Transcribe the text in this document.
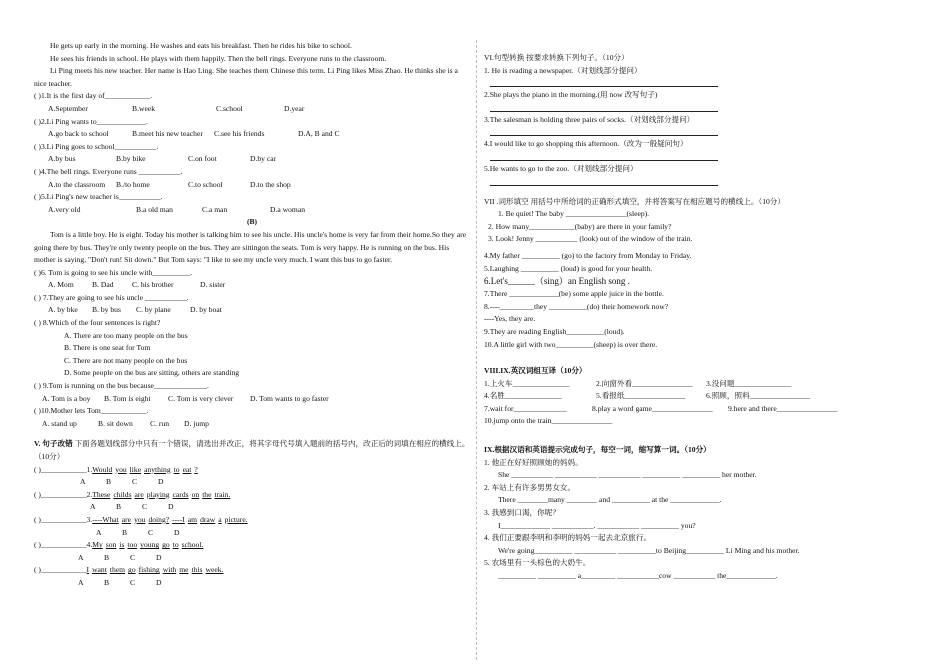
He gets up early in the morning. He washes and eats his breakfast. Then he rides his bike to school.
He sees his friends in school. He plays with them happily. Then the bell rings. Everyone runs to the classroom.
Li Ping meets his new teacher. Her name is Hao Ling. She teaches them Chinese this term. Li Ping likes Miss Zhao. He thinks she is a nice teacher.
( )1.It is the first day of____________.
A.September	B.week	C.school	D.year
( )2.Li Ping wants to_____________.
A.go back to school	B.meet his new teacher	C.see his friends	D.A, B and C
( )3.Li Ping goes to school___________.
A.by bus	B.by bike	C.on foot	D.by car
( )4.The bell rings. Everyone runs ___________.
A.to the classroom	B./to home	C.to school	D.to the shop
( )5.Li Ping's new teacher is___________.
A.very old	B.a old man	C.a man	D.a woman
(B)
Tom is a little boy. He is eight. Today his mother is talking him to see his uncle. His uncle's home is very far from their home.So they are going there by bus. They're only twenty people on the bus. They are sittingon the seats. Tom is very happy. He is running on the bus. His mother is saying, "Don't run! Sit down." But Tom says: "I like to see my uncle very much. I want this bus to go faster.
( )6. Tom is going to see his uncle with__________.
A. Mom	B. Dad	C. his brother	D. sister
( ) 7.They are going to see his uncle ___________.
A. by bke	B. by bus	C. by plane	D. by boat
( ) 8.Which of the four sentences is right?
A. There are too many people on the bus
B. There is one seat for Tom
C. There are not many people on the bus
D. Some people on the bus are sitting, others are standing
( ) 9.Tom is running on the bus because______________.
A. Tom is a boy	B. Tom is eight	C. Tom is very clever	D. Tom wants to go faster
( )10.Mother lets Tom____________.
A. stand up	B. sit down	C. run	D. jump
V. 句子改错 下面各题划线部分中只有一个错误，请选出并改正，将其字母代号填入题前的括号内，改正后的词填在相应的横线上。（10分）
( )____________1.Would you like anything to eat ?
A	B	C	D
( )____________2.These childs are playing cards on the train.
A	B	C	D
( )____________3.----What are you doing? ----I am draw a picture.
A	B	C	D
( )____________4.My son is too young go to school.
A	B	C	D
( )____________I want them go fishing with me this week.
A	B	C	D
VI.句型转换 按要求转换下列句子。（10分）
1. He is reading a newspaper.（对划线部分提问）
2.She plays the piano in the morning.(用 now 改写句子)
3.The salesman is holding three pairs of socks.（对划线部分提问）
4.I would like to go shopping this afternoon.（改为一般疑问句）
5.He wants to go to the zoo.（对划线部分提问）
VII .词形填空 用括号中所给词的正确形式填空，并将答案写在相应题号的横线上。（10分）
1. Be quiet! The baby ________________(sleep).
2. How many____________(baby) are there in your family?
3. Look! Jenny ___________ (look) out of the window of the train.
4.My father __________ (go) to the factory from Monday to Friday.
5.Laughing __________ (loud) is good for your health.
6.Let's______（sing）an English song .
7.There _____________(be) some apple juice in the bottle.
8.----_________they __________(do) their homework now?
----Yes, they are.
9.They are reading English__________(loud).
10.A little girl with two__________(sheep) is over there.
VIII.IX.英汉词组互译（10分）
1.上火车_______________	2.向窗外看________________	3.没问题_______________
4.名胜_______________	5.看报纸________________	6.照顾，照料________________
7.wait for______________	8.play a word game________________	9.here and there________________
10.jump onto the train________________
IX.根据汉语和英语提示完成句子，每空一词，缩写算一词。（10分）
1. 他正在好好照顾她的妈妈。
She ___________ ___________ ___________ __________ __________ her mother.
2. 车站上有许多男男女女。
There ________many ________ and __________ at the _____________.
3. 我感到口渴，你呢？
I_____________ ___________. ___________ __________ you?
4. 我们正要跟李明和李明的妈妈一起去北京旅行。
We're going__________ ___________ __________to Beijing__________ Li Ming and his mother.
5. 农场里有一头棕色的大奶牛。
__________ __________ a_________ ___________cow ___________ the_____________.
